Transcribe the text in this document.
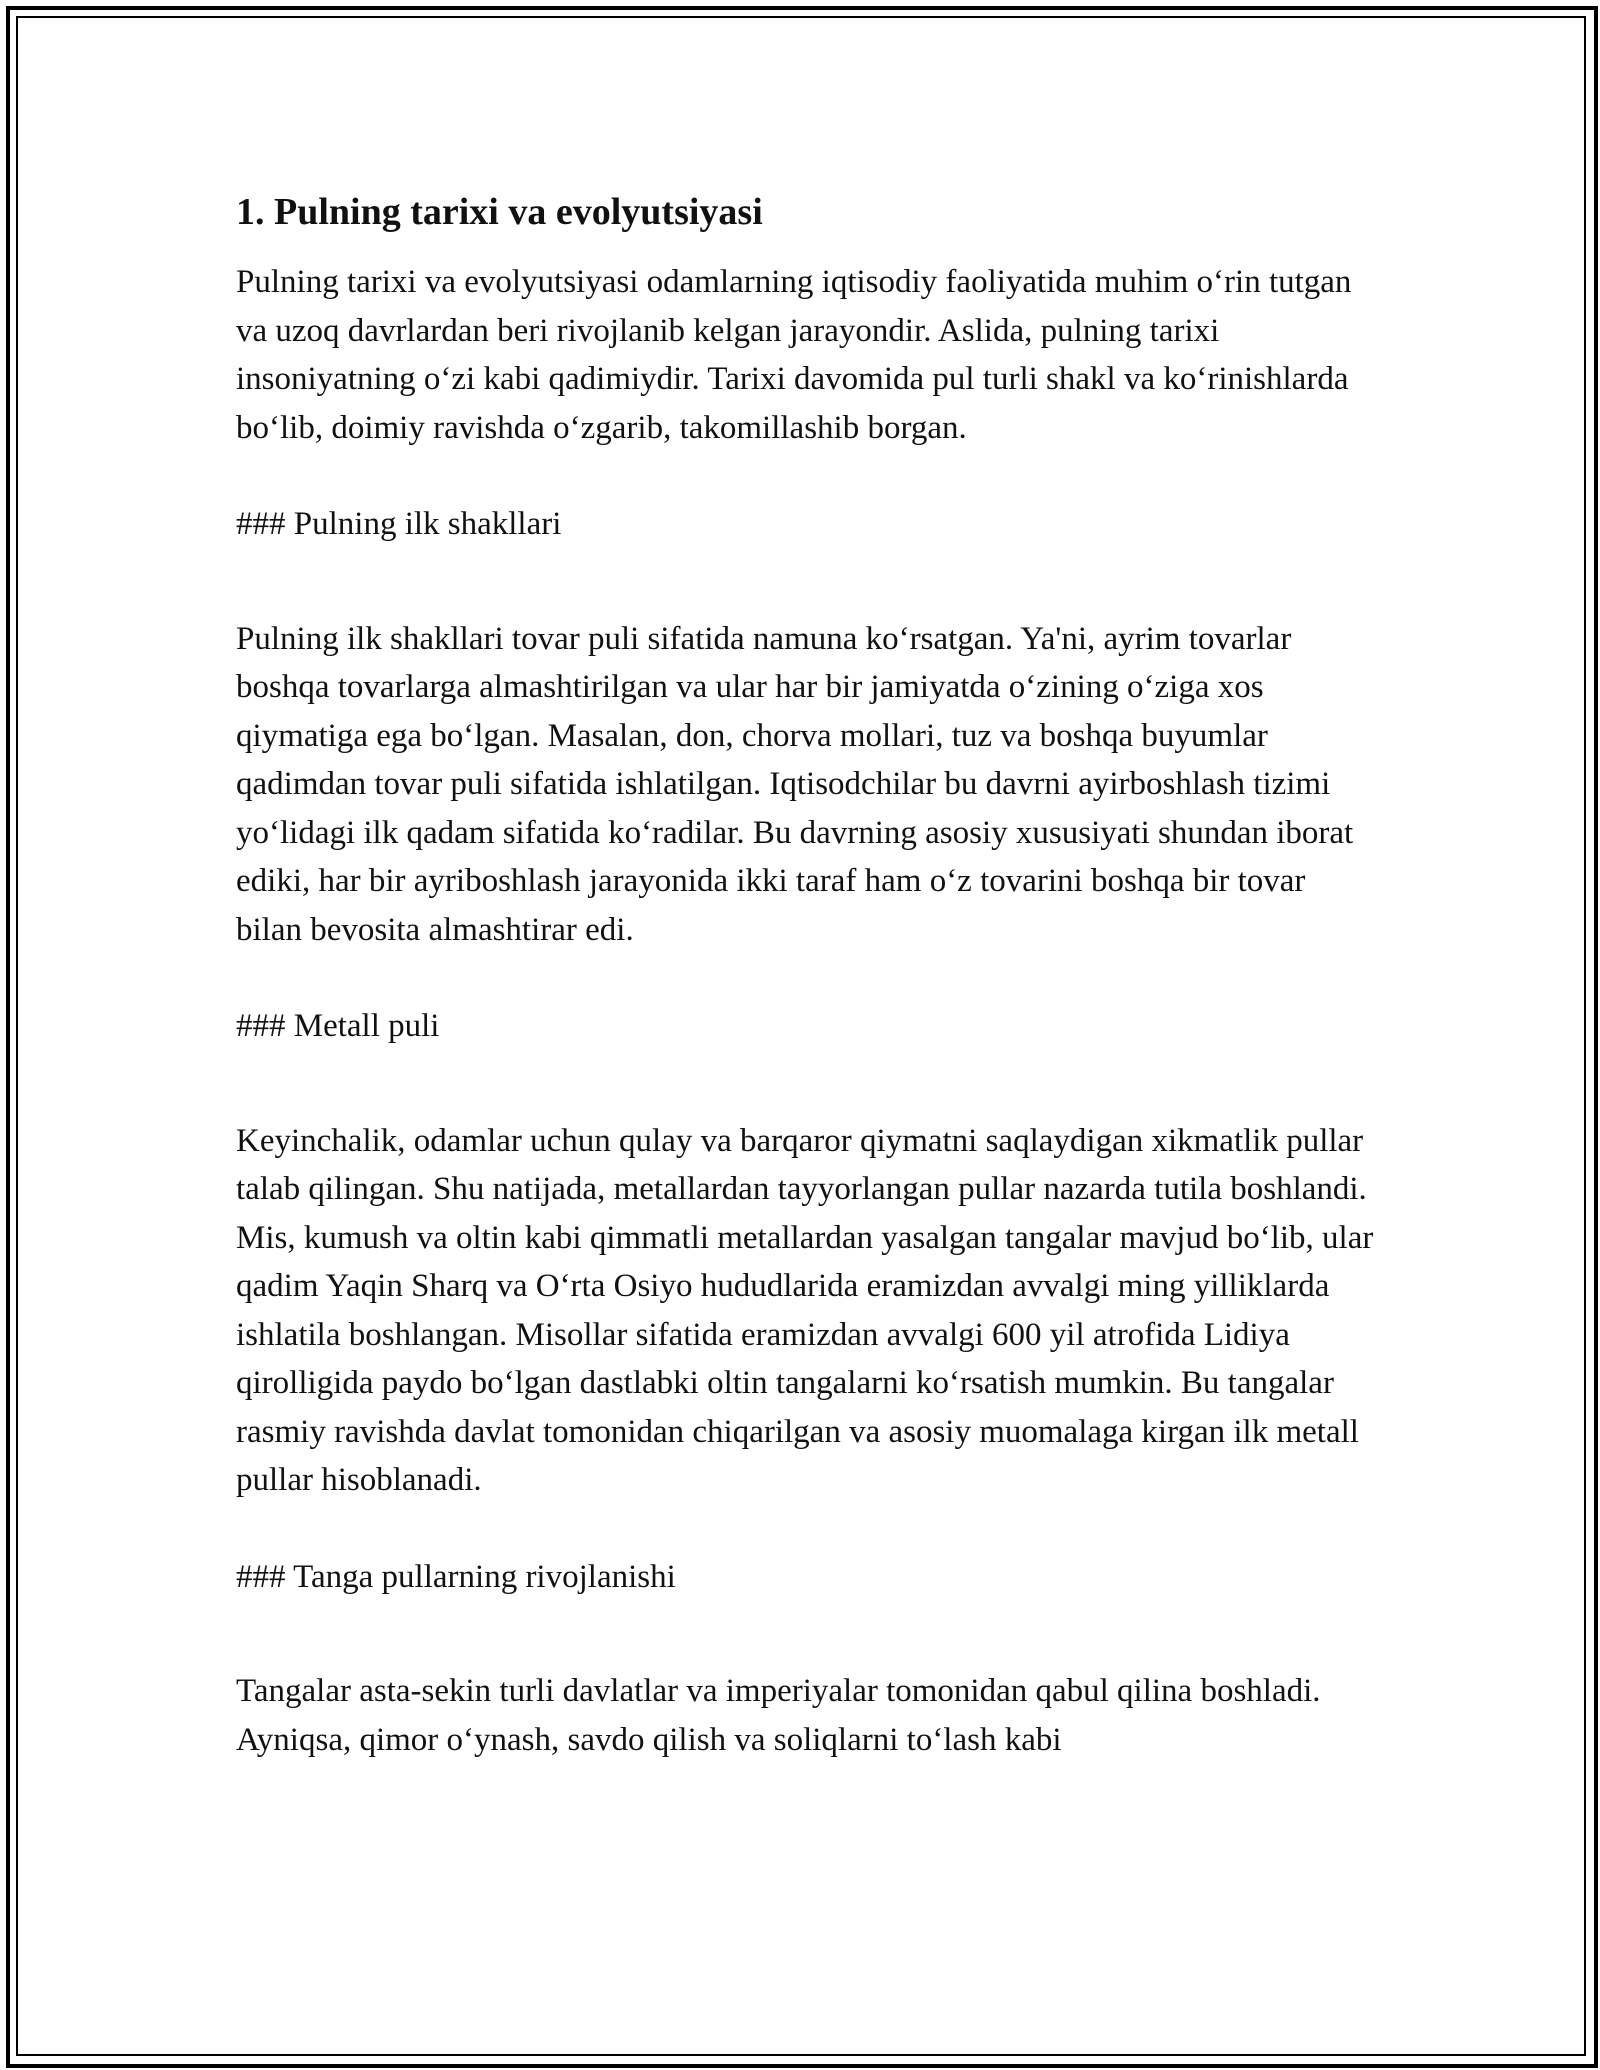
1. Pulning tarixi va evolyutsiyasi

Pulning tarixi va evolyutsiyasi odamlarning iqtisodiy faoliyatida muhim o‘rin tutgan va uzoq davrlardan beri rivojlanib kelgan jarayondir. Aslida, pulning tarixi insoniyatning o‘zi kabi qadimiydir. Tarixi davomida pul turli shakl va ko‘rinishlarda bo‘lib, doimiy ravishda o‘zgarib, takomillashib borgan.

### Pulning ilk shakllari

Pulning ilk shakllari tovar puli sifatida namuna ko‘rsatgan. Ya'ni, ayrim tovarlar boshqa tovarlarga almashtirilgan va ular har bir jamiyatda o‘zining o‘ziga xos qiymatiga ega bo‘lgan. Masalan, don, chorva mollari, tuz va boshqa buyumlar qadimdan tovar puli sifatida ishlatilgan. Iqtisodchilar bu davrni ayirboshlash tizimi yo‘lidagi ilk qadam sifatida ko‘radilar. Bu davrning asosiy xususiyati shundan iborat ediki, har bir ayriboshlash jarayonida ikki taraf ham o‘z tovarini boshqa bir tovar bilan bevosita almashtirar edi.

### Metall puli

Keyinchalik, odamlar uchun qulay va barqaror qiymatni saqlaydigan xikmatlik pullar talab qilingan. Shu natijada, metallardan tayyorlangan pullar nazarda tutila boshlandi. Mis, kumush va oltin kabi qimmatli metallardan yasalgan tangalar mavjud bo‘lib, ular qadim Yaqin Sharq va O‘rta Osiyo hududlarida eramizdan avvalgi ming yilliklarda ishlatila boshlangan. Misollar sifatida eramizdan avvalgi 600 yil atrofida Lidiya qirolligida paydo bo‘lgan dastlabki oltin tangalarni ko‘rsatish mumkin. Bu tangalar rasmiy ravishda davlat tomonidan chiqarilgan va asosiy muomalaga kirgan ilk metall pullar hisoblanadi.

### Tanga pullarning rivojlanishi

Tangalar asta-sekin turli davlatlar va imperiyalar tomonidan qabul qilina boshladi. Ayniqsa, qimor o‘ynash, savdo qilish va soliqlarni to‘lash kabi
